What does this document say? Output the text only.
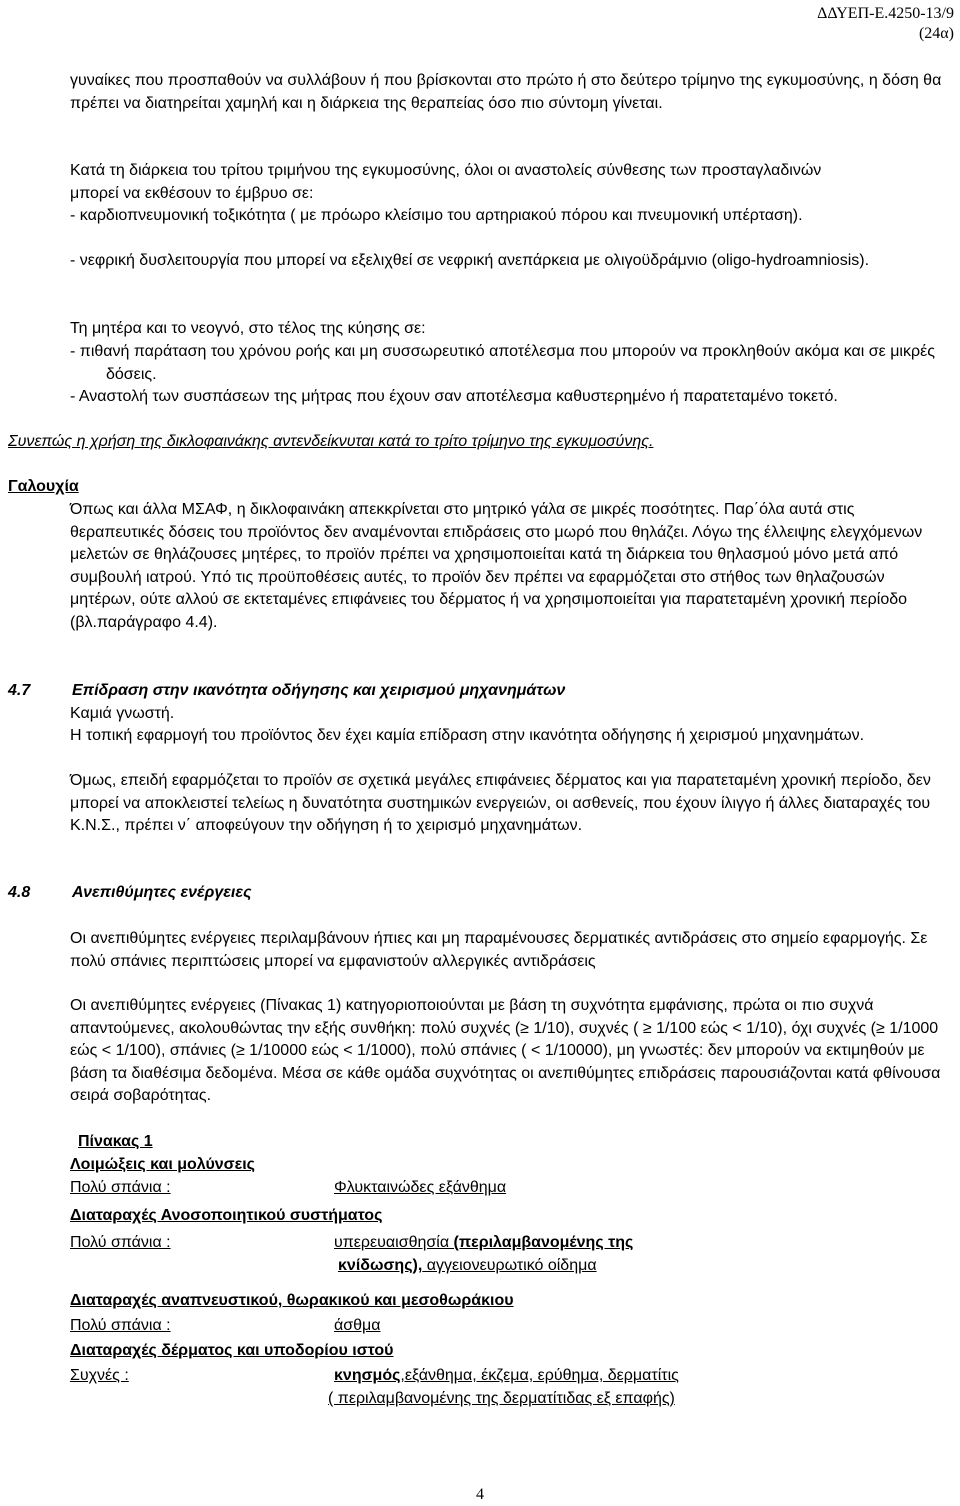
ΔΔΥΕΠ-Ε.4250-13/9
(24α)

γυναίκες που προσπαθούν να συλλάβουν ή που βρίσκονται στο πρώτο ή στο δεύτερο τρίμηνο της εγκυμοσύνης, η δόση θα πρέπει να διατηρείται χαμηλή και η διάρκεια της θεραπείας όσο πιο σύντομη γίνεται.

Κατά τη διάρκεια του τρίτου τριμήνου της εγκυμοσύνης, όλοι οι αναστολείς σύνθεσης των προσταγλαδινών μπορεί να εκθέσουν το έμβρυο σε:

- καρδιοπνευμονική τοξικότητα ( με πρόωρο κλείσιμο του αρτηριακού πόρου και πνευμονική υπέρταση).

- νεφρική δυσλειτουργία που μπορεί να εξελιχθεί σε νεφρική ανεπάρκεια με ολιγοϋδράμνιο (oligo-hydroamniosis).

Τη μητέρα και το νεογνό, στο τέλος της κύησης σε:

- πιθανή παράταση του χρόνου ροής και μη συσσωρευτικό αποτέλεσμα που μπορούν να προκληθούν ακόμα και σε μικρές δόσεις.

- Αναστολή των συσπάσεων της μήτρας που έχουν σαν αποτέλεσμα καθυστερημένο ή παρατεταμένο τοκετό.

Συνεπώς η χρήση της δικλοφαινάκης αντενδείκνυται κατά το τρίτο τρίμηνο της εγκυμοσύνης.

Γαλουχία

Όπως και άλλα ΜΣΑΦ, η δικλοφαινάκη απεκκρίνεται στο μητρικό γάλα σε μικρές ποσότητες. Παρ΄όλα αυτά στις θεραπευτικές δόσεις του προϊόντος δεν αναμένονται επιδράσεις στο μωρό που θηλάζει. Λόγω της έλλειψης ελεγχόμενων μελετών σε θηλάζουσες μητέρες, το προϊόν πρέπει να χρησιμοποιείται κατά τη διάρκεια του θηλασμού μόνο μετά από συμβουλή ιατρού. Υπό τις προϋποθέσεις αυτές, το προϊόν δεν πρέπει να εφαρμόζεται στο στήθος των θηλαζουσών μητέρων, ούτε αλλού σε εκτεταμένες επιφάνειες του δέρματος ή να χρησιμοποιείται για παρατεταμένη χρονική περίοδο (βλ.παράγραφο 4.4).

4.7	Επίδραση στην ικανότητα οδήγησης και χειρισμού μηχανημάτων

Καμιά γνωστή.

Η τοπική εφαρμογή του προϊόντος δεν έχει καμία επίδραση στην ικανότητα οδήγησης ή χειρισμού μηχανημάτων.

Όμως, επειδή εφαρμόζεται το προϊόν σε σχετικά μεγάλες επιφάνειες δέρματος και για παρατεταμένη χρονική περίοδο, δεν μπορεί να αποκλειστεί τελείως η δυνατότητα συστημικών ενεργειών, οι ασθενείς, που έχουν ίλιγγο ή άλλες διαταραχές του Κ.Ν.Σ., πρέπει ν΄ αποφεύγουν την οδήγηση ή το χειρισμό μηχανημάτων.

4.8	Ανεπιθύμητες ενέργειες

Οι ανεπιθύμητες ενέργειες περιλαμβάνουν ήπιες και μη παραμένουσες δερματικές αντιδράσεις στο σημείο εφαρμογής. Σε πολύ σπάνιες περιπτώσεις μπορεί να εμφανιστούν αλλεργικές αντιδράσεις

Οι ανεπιθύμητες ενέργειες (Πίνακας 1) κατηγοριοποιούνται με βάση τη συχνότητα εμφάνισης, πρώτα οι πιο συχνά απαντούμενες, ακολουθώντας την εξής συνθήκη: πολύ συχνές (≥ 1/10), συχνές ( ≥ 1/100 εώς < 1/10), όχι συχνές (≥ 1/1000 εώς < 1/100), σπάνιες (≥ 1/10000 εώς < 1/1000), πολύ σπάνιες ( < 1/10000), μη γνωστές: δεν μπορούν να εκτιμηθούν με βάση τα διαθέσιμα δεδομένα. Μέσα σε κάθε ομάδα συχνότητας οι ανεπιθύμητες επιδράσεις παρουσιάζονται κατά φθίνουσα σειρά σοβαρότητας.

Πίνακας 1
Λοιμώξεις και μολύνσεις
Πολύ σπάνια :	Φλυκταινώδες εξάνθημα
Διαταραχές Ανοσοποιητικού συστήματος
Πολύ σπάνια :	υπερευαισθησία (περιλαμβανομένης της
κνίδωσης), αγγειονευρωτικό οίδημα
Διαταραχές αναπνευστικού, θωρακικού και μεσοθωράκιου
Πολύ σπάνια :	άσθμα
Διαταραχές δέρματος και υποδορίου ιστού
Συχνές :	κνησμός,εξάνθημα, έκζεμα, ερύθημα, δερματίτις
( περιλαμβανομένης της δερματίτιδας εξ επαφής)
4
